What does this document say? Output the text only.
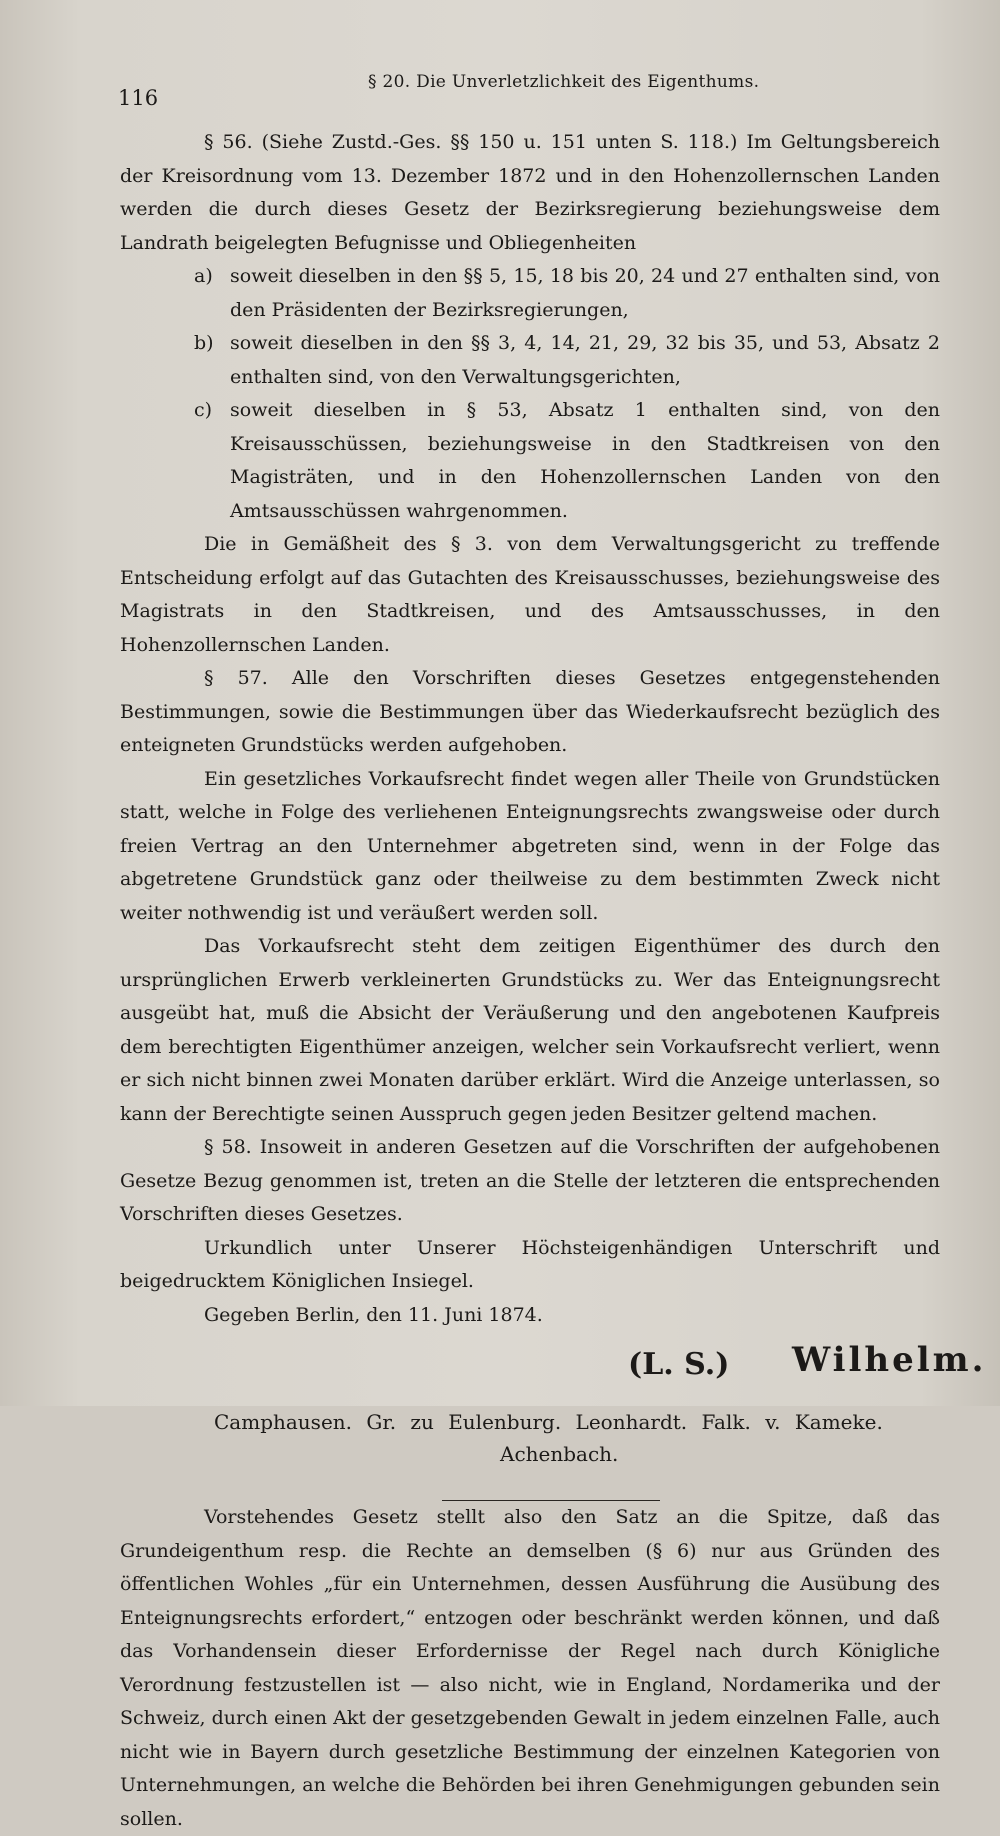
116
§ 20. Die Unverletzlichkeit des Eigenthums.

§ 56. (Siehe Zustd.-Ges. §§ 150 u. 151 unten S. 118.) Im Geltungsbereich der Kreisordnung vom 13. Dezember 1872 und in den Hohenzollernschen Landen werden die durch dieses Gesetz der Bezirksregierung beziehungsweise dem Landrath beigelegten Befugnisse und Obliegenheiten

a) soweit dieselben in den §§ 5, 15, 18 bis 20, 24 und 27 enthalten sind, von den Präsidenten der Bezirksregierungen,
b) soweit dieselben in den §§ 3, 4, 14, 21, 29, 32 bis 35, und 53, Absatz 2 enthalten sind, von den Verwaltungsgerichten,
c) soweit dieselben in § 53, Absatz 1 enthalten sind, von den Kreisausschüssen, beziehungsweise in den Stadtkreisen von den Magisträten, und in den Hohenzollernschen Landen von den Amtsausschüssen wahrgenommen.

Die in Gemäßheit des § 3. von dem Verwaltungsgericht zu treffende Entscheidung erfolgt auf das Gutachten des Kreisausschusses, beziehungsweise des Magistrats in den Stadtkreisen, und des Amtsausschusses, in den Hohenzollernschen Landen.

§ 57. Alle den Vorschriften dieses Gesetzes entgegenstehenden Bestimmungen, sowie die Bestimmungen über das Wiederkaufsrecht bezüglich des enteigneten Grundstücks werden aufgehoben.

Ein gesetzliches Vorkaufsrecht findet wegen aller Theile von Grundstücken statt, welche in Folge des verliehenen Enteignungsrechts zwangsweise oder durch freien Vertrag an den Unternehmer abgetreten sind, wenn in der Folge das abgetretene Grundstück ganz oder theilweise zu dem bestimmten Zweck nicht weiter nothwendig ist und veräußert werden soll.

Das Vorkaufsrecht steht dem zeitigen Eigenthümer des durch den ursprünglichen Erwerb verkleinerten Grundstücks zu. Wer das Enteignungsrecht ausgeübt hat, muß die Absicht der Veräußerung und den angebotenen Kaufpreis dem berechtigten Eigenthümer anzeigen, welcher sein Vorkaufsrecht verliert, wenn er sich nicht binnen zwei Monaten darüber erklärt. Wird die Anzeige unterlassen, so kann der Berechtigte seinen Ausspruch gegen jeden Besitzer geltend machen.

§ 58. Insoweit in anderen Gesetzen auf die Vorschriften der aufgehobenen Gesetze Bezug genommen ist, treten an die Stelle der letzteren die entsprechenden Vorschriften dieses Gesetzes.

Urkundlich unter Unserer Höchsteigenhändigen Unterschrift und beigedrucktem Königlichen Insiegel.

Gegeben Berlin, den 11. Juni 1874.

(L. S.) Wilhelm.
Camphausen. Gr. zu Eulenburg. Leonhardt. Falk. v. Kameke.
Achenbach.

Vorstehendes Gesetz stellt also den Satz an die Spitze, daß das Grundeigenthum resp. die Rechte an demselben (§ 6) nur aus Gründen des öffentlichen Wohles „für ein Unternehmen, dessen Ausführung die Ausübung des Enteignungsrechts erfordert,“ entzogen oder beschränkt werden können, und daß das Vorhandensein dieser Erfordernisse der Regel nach durch Königliche Verordnung festzustellen ist — also nicht, wie in England, Nordamerika und der Schweiz, durch einen Akt der gesetzgebenden Gewalt in jedem einzelnen Falle, auch nicht wie in Bayern durch gesetzliche Bestimmung der einzelnen Kategorien von Unternehmungen, an welche die Behörden bei ihren Genehmigungen gebunden sein sollen.
